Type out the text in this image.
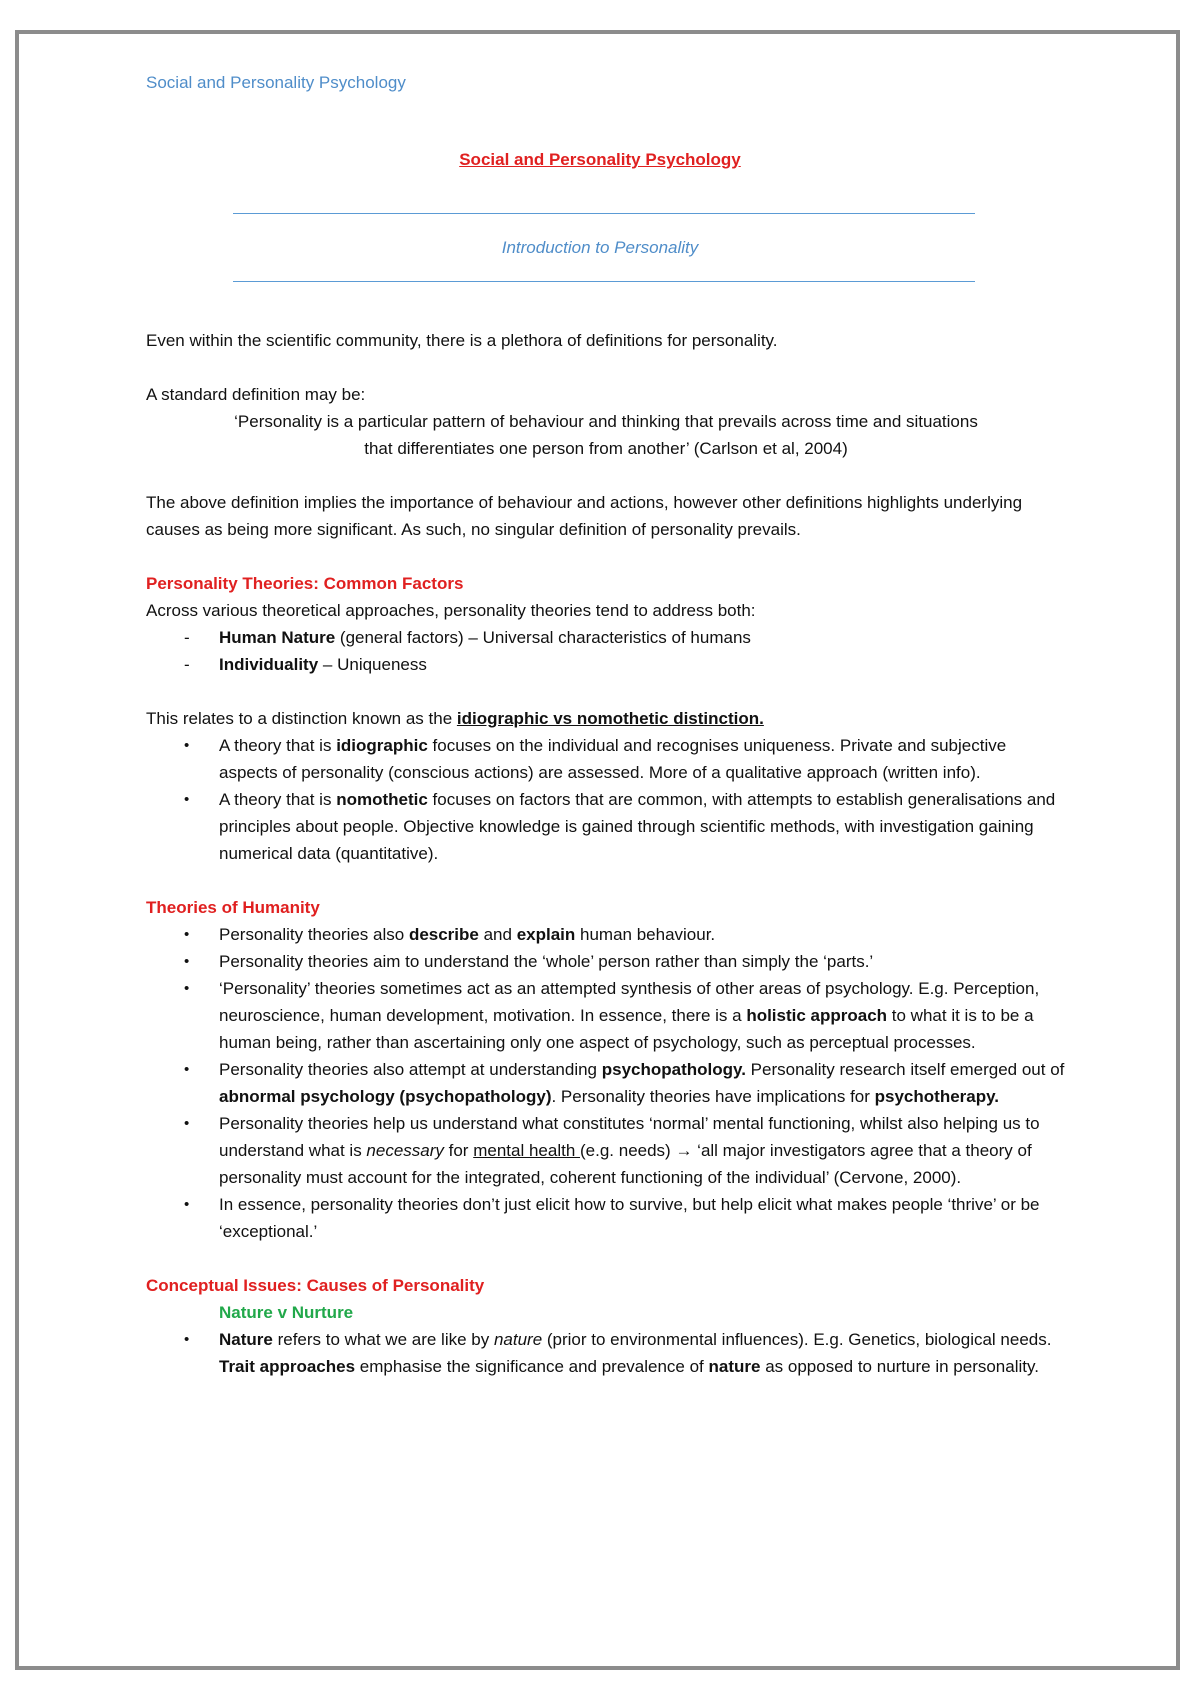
Social and Personality Psychology
Social and Personality Psychology
Introduction to Personality

Even within the scientific community, there is a plethora of definitions for personality.

A standard definition may be:

‘Personality is a particular pattern of behaviour and thinking that prevails across time and situations

that differentiates one person from another’ (Carlson et al, 2004)

The above definition implies the importance of behaviour and actions, however other definitions highlights underlying causes as being more significant. As such, no singular definition of personality prevails.

Personality Theories: Common Factors

Across various theoretical approaches, personality theories tend to address both:

- Human Nature (general factors) – Universal characteristics of humans
- Individuality – Uniqueness

This relates to a distinction known as the idiographic vs nomothetic distinction.

• A theory that is idiographic focuses on the individual and recognises uniqueness. Private and subjective aspects of personality (conscious actions) are assessed. More of a qualitative approach (written info).
• A theory that is nomothetic focuses on factors that are common, with attempts to establish generalisations and principles about people. Objective knowledge is gained through scientific methods, with investigation gaining numerical data (quantitative).

Theories of Humanity

• Personality theories also describe and explain human behaviour.
• Personality theories aim to understand the ‘whole’ person rather than simply the ‘parts.’
• ‘Personality’ theories sometimes act as an attempted synthesis of other areas of psychology. E.g. Perception, neuroscience, human development, motivation. In essence, there is a holistic approach to what it is to be a human being, rather than ascertaining only one aspect of psychology, such as perceptual processes.
• Personality theories also attempt at understanding psychopathology. Personality research itself emerged out of abnormal psychology (psychopathology). Personality theories have implications for psychotherapy.
• Personality theories help us understand what constitutes ‘normal’ mental functioning, whilst also helping us to understand what is necessary for mental health (e.g. needs) → ‘all major investigators agree that a theory of personality must account for the integrated, coherent functioning of the individual’ (Cervone, 2000).
• In essence, personality theories don’t just elicit how to survive, but help elicit what makes people ‘thrive’ or be ‘exceptional.’

Conceptual Issues: Causes of Personality

Nature v Nurture

• Nature refers to what we are like by nature (prior to environmental influences). E.g. Genetics, biological needs. Trait approaches emphasise the significance and prevalence of nature as opposed to nurture in personality.
